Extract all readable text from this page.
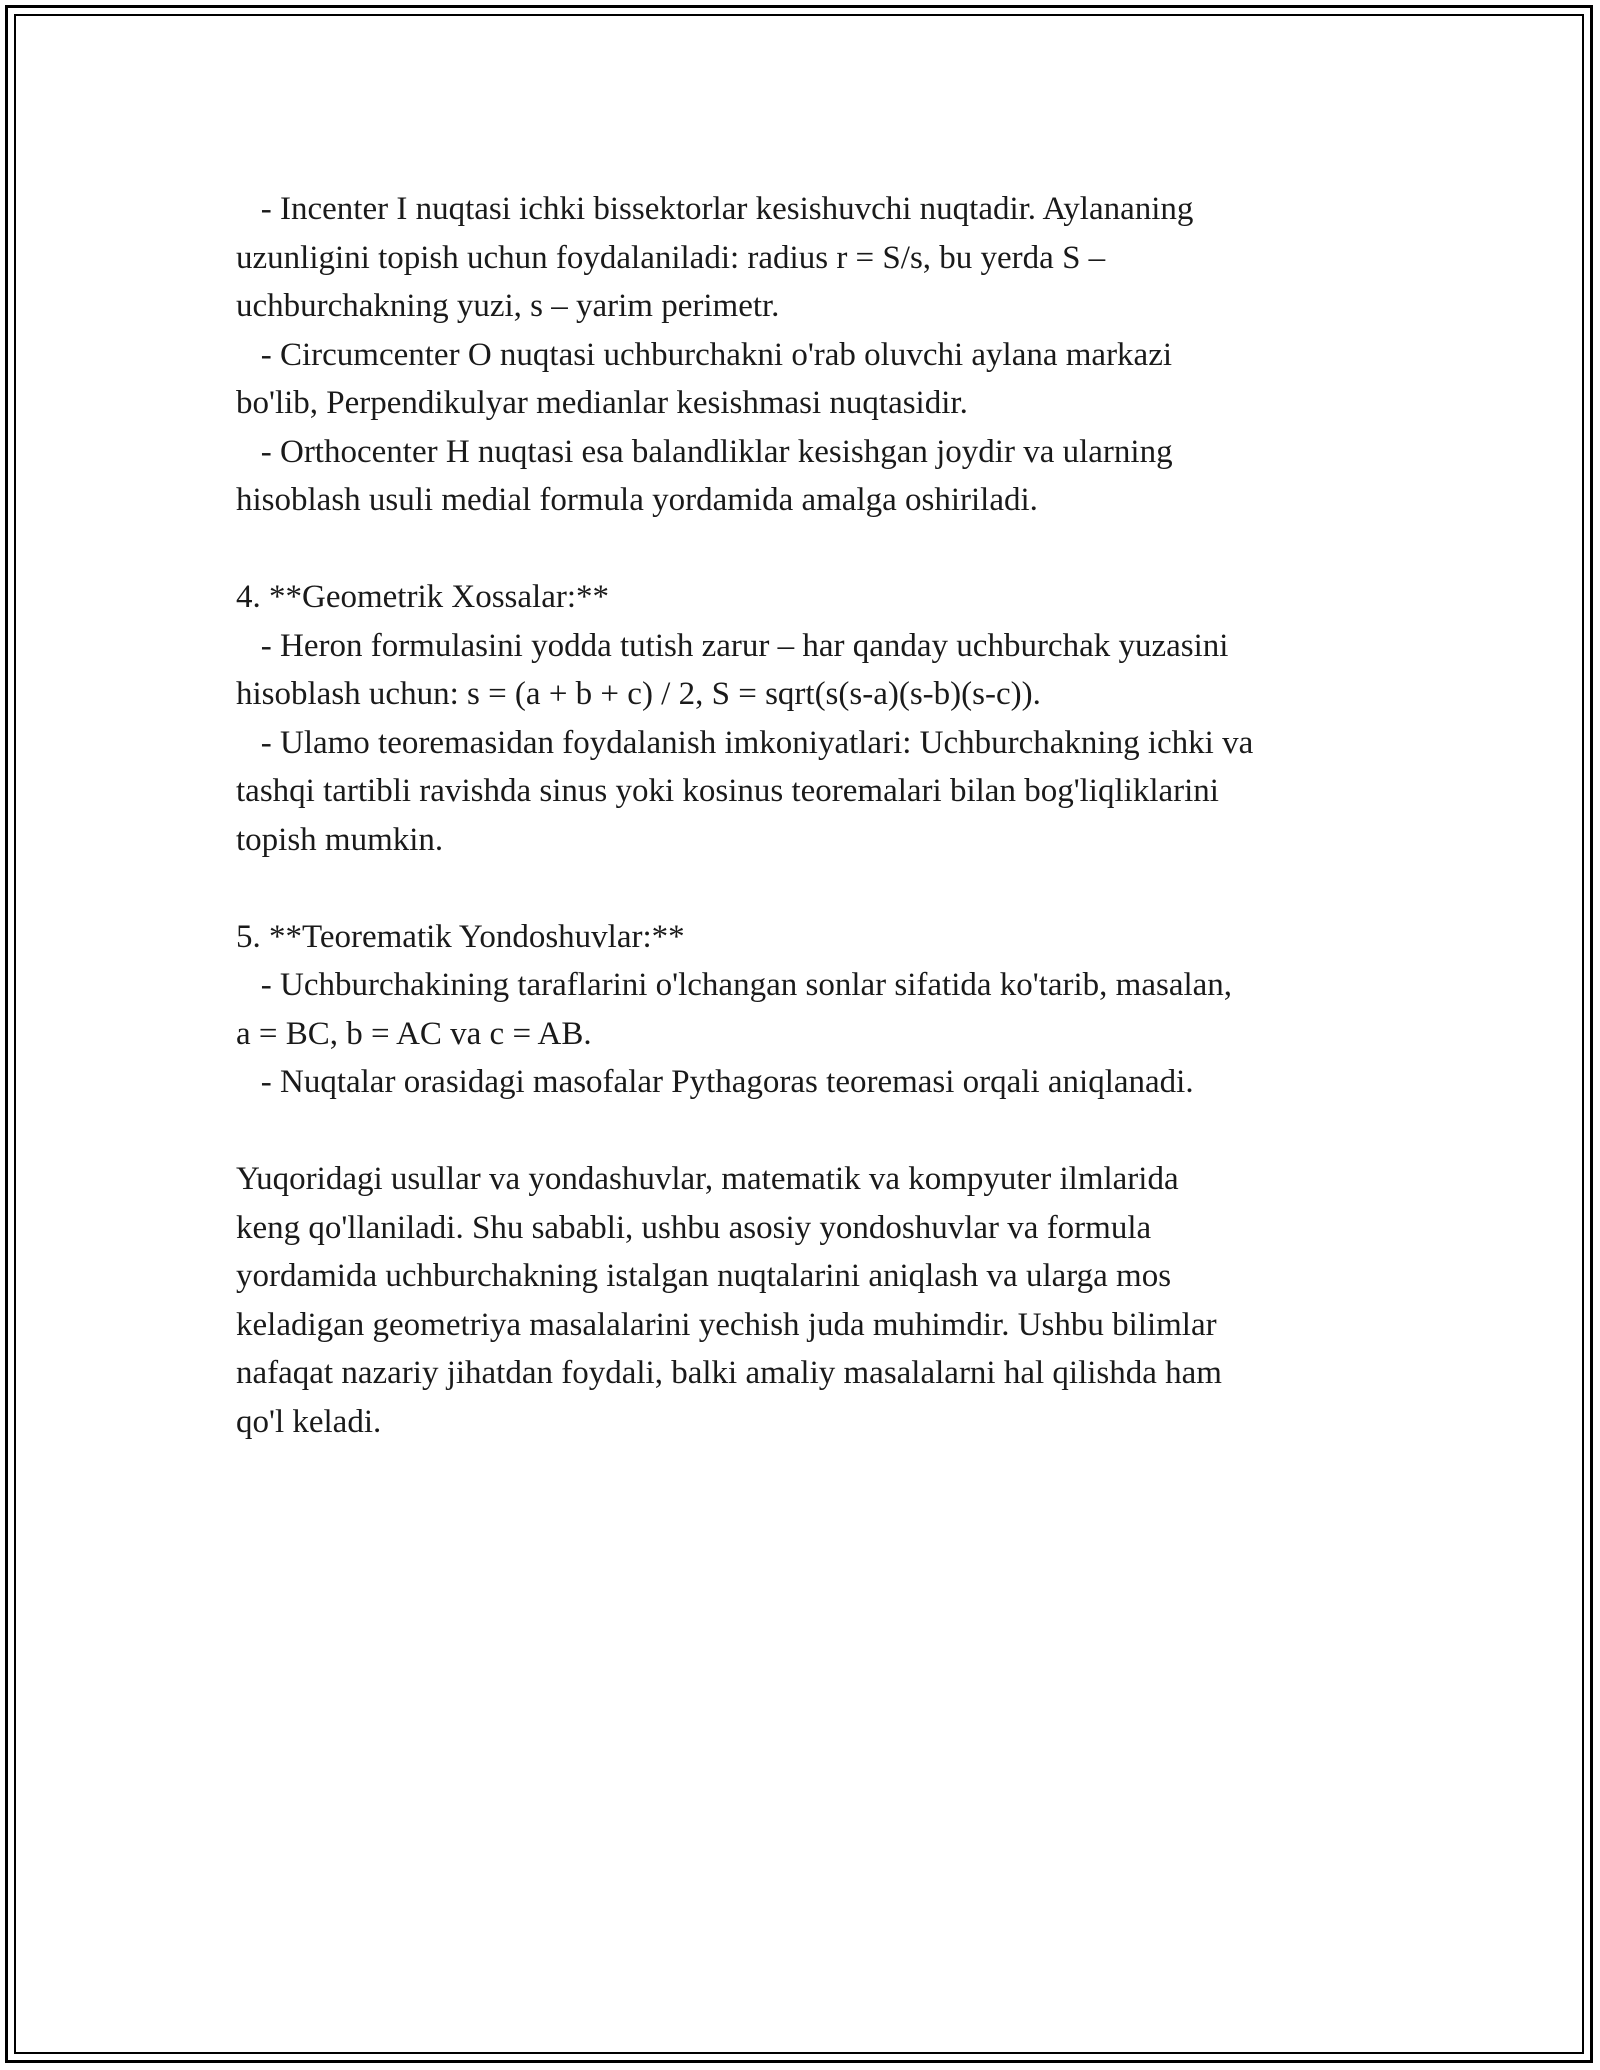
- Incenter I nuqtasi ichki bissektorlar kesishuvchi nuqtadir. Aylananing
uzunligini topish uchun foydalaniladi: radius r = S/s, bu yerda S –
uchburchakning yuzi, s – yarim perimetr.
- Circumcenter O nuqtasi uchburchakni o'rab oluvchi aylana markazi
bo'lib, Perpendikulyar medianlar kesishmasi nuqtasidir.
- Orthocenter H nuqtasi esa balandliklar kesishgan joydir va ularning
hisoblash usuli medial formula yordamida amalga oshiriladi.
4. **Geometrik Xossalar:**
- Heron formulasini yodda tutish zarur – har qanday uchburchak yuzasini
hisoblash uchun: s = (a + b + c) / 2, S = sqrt(s(s-a)(s-b)(s-c)).
- Ulamo teoremasidan foydalanish imkoniyatlari: Uchburchakning ichki va
tashqi tartibli ravishda sinus yoki kosinus teoremalari bilan bog'liqliklarini
topish mumkin.
5. **Teorematik Yondoshuvlar:**
- Uchburchakining taraflarini o'lchangan sonlar sifatida ko'tarib, masalan,
a = BC, b = AC va c = AB.
- Nuqtalar orasidagi masofalar Pythagoras teoremasi orqali aniqlanadi.
Yuqoridagi usullar va yondashuvlar, matematik va kompyuter ilmlarida
keng qo'llaniladi. Shu sababli, ushbu asosiy yondoshuvlar va formula
yordamida uchburchakning istalgan nuqtalarini aniqlash va ularga mos
keladigan geometriya masalalarini yechish juda muhimdir. Ushbu bilimlar
nafaqat nazariy jihatdan foydali, balki amaliy masalalarni hal qilishda ham
qo'l keladi.
